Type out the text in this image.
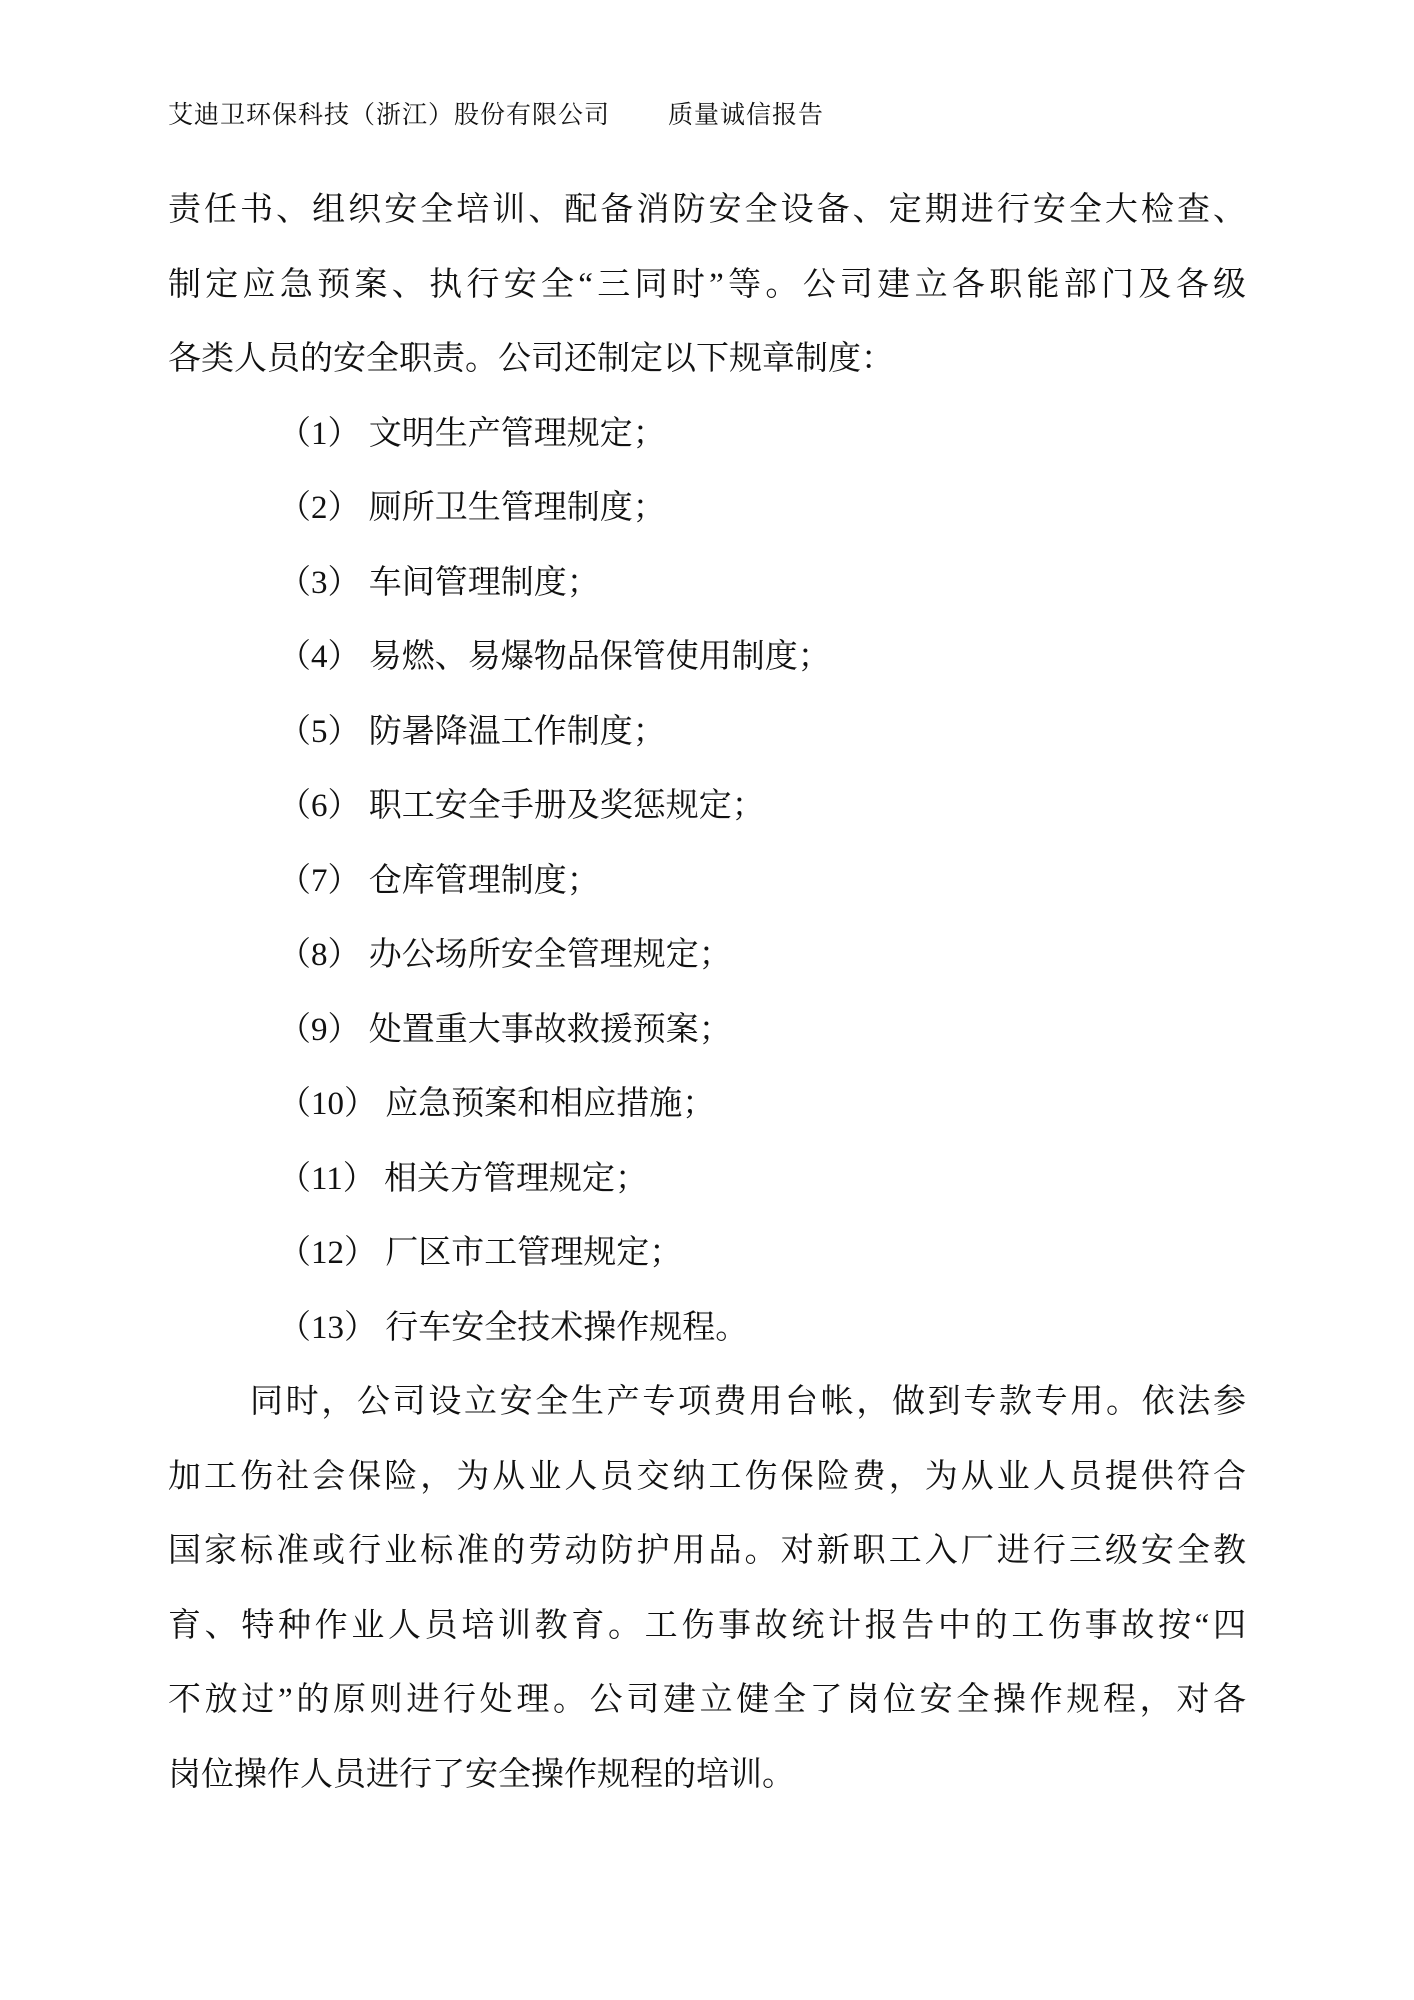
艾迪卫环保科技（浙江）股份有限公司 质量诚信报告
责任书、组织安全培训、配备消防安全设备、定期进行安全大检查、
制定应急预案、执行安全“三同时”等。公司建立各职能部门及各级
各类人员的安全职责。公司还制定以下规章制度：
（1） 文明生产管理规定；
（2） 厕所卫生管理制度；
（3） 车间管理制度；
（4） 易燃、易爆物品保管使用制度；
（5） 防暑降温工作制度；
（6） 职工安全手册及奖惩规定；
（7） 仓库管理制度；
（8） 办公场所安全管理规定；
（9） 处置重大事故救援预案；
（10） 应急预案和相应措施；
（11） 相关方管理规定；
（12） 厂区市工管理规定；
（13） 行车安全技术操作规程。
同时，公司设立安全生产专项费用台帐，做到专款专用。依法参
加工伤社会保险，为从业人员交纳工伤保险费，为从业人员提供符合
国家标准或行业标准的劳动防护用品。对新职工入厂进行三级安全教
育、特种作业人员培训教育。工伤事故统计报告中的工伤事故按“四
不放过”的原则进行处理。公司建立健全了岗位安全操作规程，对各
岗位操作人员进行了安全操作规程的培训。
